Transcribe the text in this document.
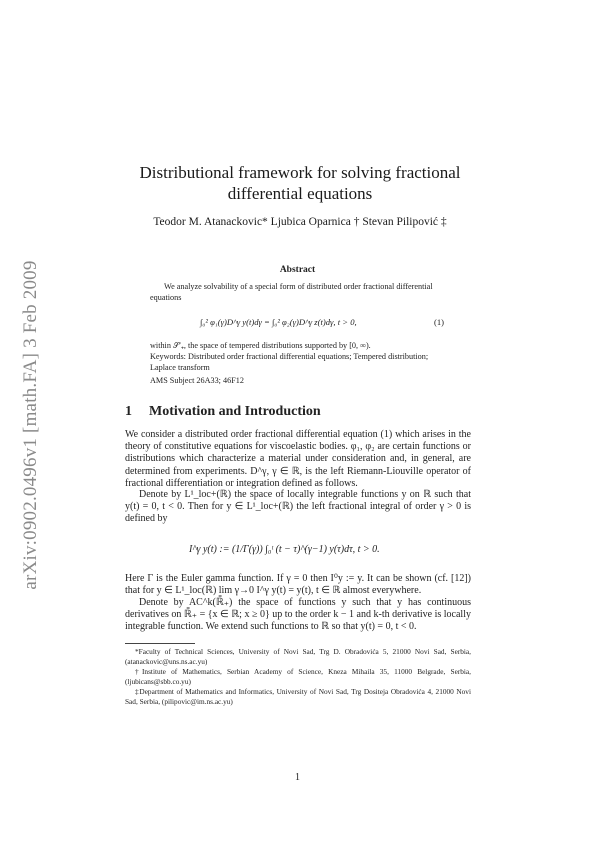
arXiv:0902.0496v1 [math.FA] 3 Feb 2009
Distributional framework for solving fractional differential equations
Teodor M. Atanackovic* Ljubica Oparnica † Stevan Pilipović ‡
Abstract
We analyze solvability of a special form of distributed order fractional differential equations
∫₀² φ₁(γ)D^γ y(t)dγ = ∫₀² φ₂(γ)D^γ z(t)dγ, t > 0,	(1)
within 𝒮′₊, the space of tempered distributions supported by [0, ∞).
Keywords: Distributed order fractional differential equations; Tempered distribution; Laplace transform
AMS Subject 26A33; 46F12
1 Motivation and Introduction
We consider a distributed order fractional differential equation (1) which arises in the theory of constitutive equations for viscoelastic bodies. φ₁, φ₂ are certain functions or distributions which characterize a material under consideration and, in general, are determined from experiments. D^γ, γ ∈ ℝ, is the left Riemann-Liouville operator of fractional differentiation or integration defined as follows.
Denote by L¹_loc+(ℝ) the space of locally integrable functions y on ℝ such that y(t) = 0, t < 0. Then for y ∈ L¹_loc+(ℝ) the left fractional integral of order γ > 0 is defined by
I^γ y(t) := (1/Γ(γ)) ∫₀ᵗ (t − τ)^(γ−1) y(τ)dτ, t > 0.
Here Γ is the Euler gamma function. If γ = 0 then I⁰y := y. It can be shown (cf. [12]) that for y ∈ L¹_loc(ℝ) lim γ→0 I^γ y(t) = y(t), t ∈ ℝ almost everywhere.
Denote by AC^k(ℝ̄₊) the space of functions y such that y has continuous derivatives on ℝ̄₊ = {x ∈ ℝ; x ≥ 0} up to the order k − 1 and k-th derivative is locally integrable function. We extend such functions to ℝ so that y(t) = 0, t < 0.
*Faculty of Technical Sciences, University of Novi Sad, Trg D. Obradovića 5, 21000 Novi Sad, Serbia, (atanackovic@uns.ns.ac.yu)
†Institute of Mathematics, Serbian Academy of Science, Kneza Mihaila 35, 11000 Belgrade, Serbia, (ljubicans@sbb.co.yu)
‡Department of Mathematics and Informatics, University of Novi Sad, Trg Dositeja Obradovića 4, 21000 Novi Sad, Serbia, (pilipovic@im.ns.ac.yu)
1
